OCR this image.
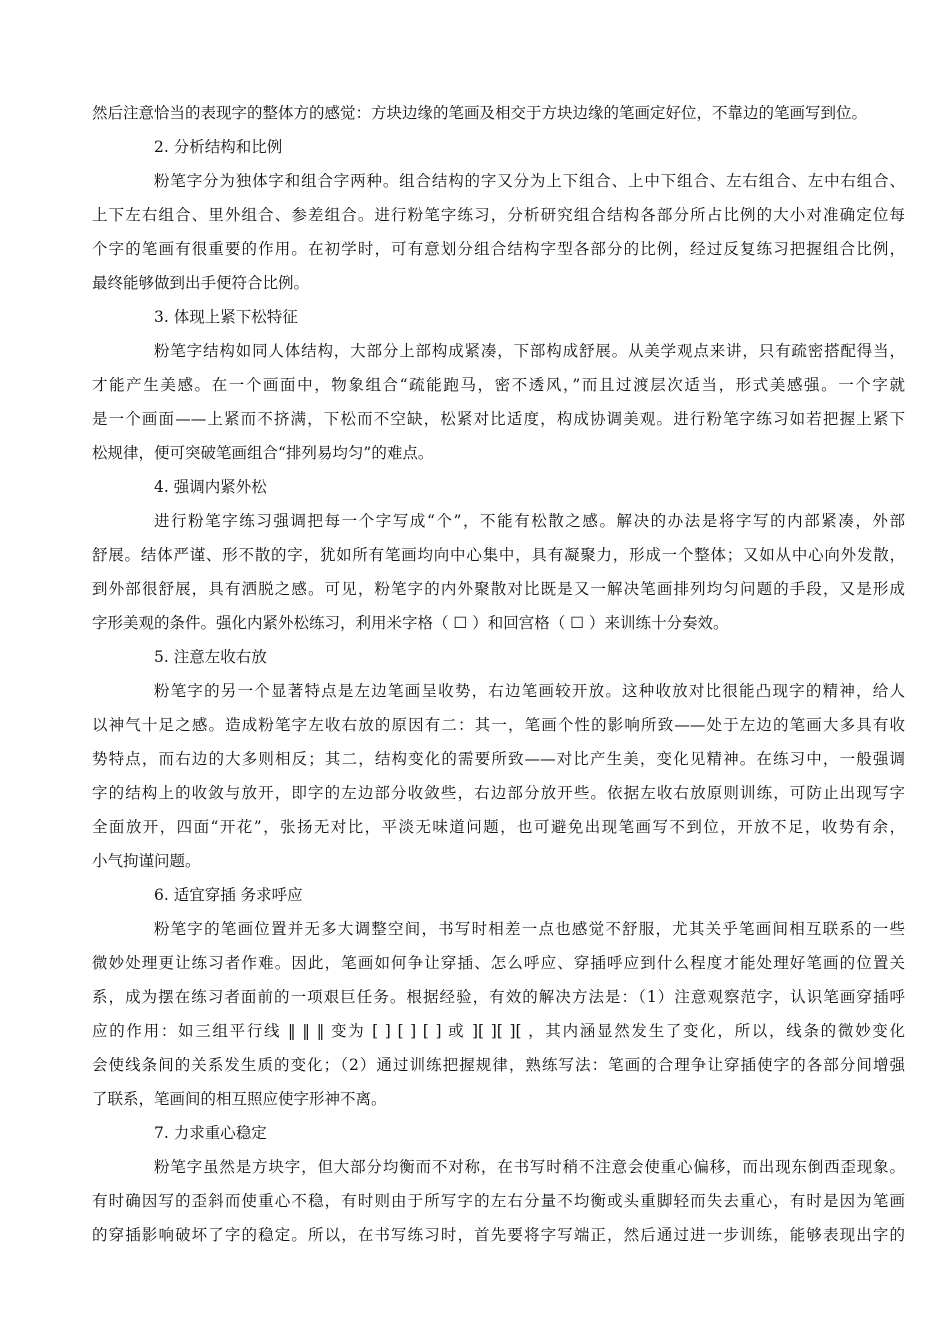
然后注意恰当的表现字的整体方的感觉：方块边缘的笔画及相交于方块边缘的笔画定好位，不靠边的笔画写到位。
2. 分析结构和比例
粉笔字分为独体字和组合字两种。组合结构的字又分为上下组合、上中下组合、左右组合、左中右组合、
上下左右组合、里外组合、参差组合。进行粉笔字练习，分析研究组合结构各部分所占比例的大小对准确定位每
个字的笔画有很重要的作用。在初学时，可有意划分组合结构字型各部分的比例，经过反复练习把握组合比例，
最终能够做到出手便符合比例。
3. 体现上紧下松特征
粉笔字结构如同人体结构，大部分上部构成紧凑，下部构成舒展。从美学观点来讲，只有疏密搭配得当，
才能产生美感。在一个画面中，物象组合“疏能跑马，密不透风，”而且过渡层次适当，形式美感强。一个字就
是一个画面——上紧而不挤满，下松而不空缺，松紧对比适度，构成协调美观。进行粉笔字练习如若把握上紧下
松规律，便可突破笔画组合“排列易均匀”的难点。
4. 强调内紧外松
进行粉笔字练习强调把每一个字写成“个”，不能有松散之感。解决的办法是将字写的内部紧凑，外部
舒展。结体严谨、形不散的字，犹如所有笔画均向中心集中，具有凝聚力，形成一个整体；又如从中心向外发散，
到外部很舒展，具有洒脱之感。可见，粉笔字的内外聚散对比既是又一解决笔画排列均匀问题的手段，又是形成
字形美观的条件。强化内紧外松练习，利用米字格（ ☐ ）和回宫格（ ☐ ）来训练十分奏效。
5. 注意左收右放
粉笔字的另一个显著特点是左边笔画呈收势，右边笔画较开放。这种收放对比很能凸现字的精神，给人
以神气十足之感。造成粉笔字左收右放的原因有二：其一，笔画个性的影响所致——处于左边的笔画大多具有收
势特点，而右边的大多则相反；其二，结构变化的需要所致——对比产生美，变化见精神。在练习中，一般强调
字的结构上的收敛与放开，即字的左边部分收敛些，右边部分放开些。依据左收右放原则训练，可防止出现写字
全面放开，四面“开花”，张扬无对比，平淡无味道问题，也可避免出现笔画写不到位，开放不足，收势有余，
小气拘谨问题。
6. 适宜穿插 务求呼应
粉笔字的笔画位置并无多大调整空间，书写时相差一点也感觉不舒服，尤其关乎笔画间相互联系的一些
微妙处理更让练习者作难。因此，笔画如何争让穿插、怎么呼应、穿插呼应到什么程度才能处理好笔画的位置关
系，成为摆在练习者面前的一项艰巨任务。根据经验，有效的解决方法是：（1）注意观察范字，认识笔画穿插呼
应的作用：如三组平行线 ‖ ‖ ‖ 变为 [ ] [ ] [ ] 或 ][ ][ ][ ，其内涵显然发生了变化，所以，线条的微妙变化
会使线条间的关系发生质的变化；（2）通过训练把握规律，熟练写法：笔画的合理争让穿插使字的各部分间增强
了联系，笔画间的相互照应使字形神不离。
7. 力求重心稳定
粉笔字虽然是方块字，但大部分均衡而不对称，在书写时稍不注意会使重心偏移，而出现东倒西歪现象。
有时确因写的歪斜而使重心不稳，有时则由于所写字的左右分量不均衡或头重脚轻而失去重心，有时是因为笔画
的穿插影响破坏了字的稳定。所以，在书写练习时，首先要将字写端正，然后通过进一步训练，能够表现出字的
